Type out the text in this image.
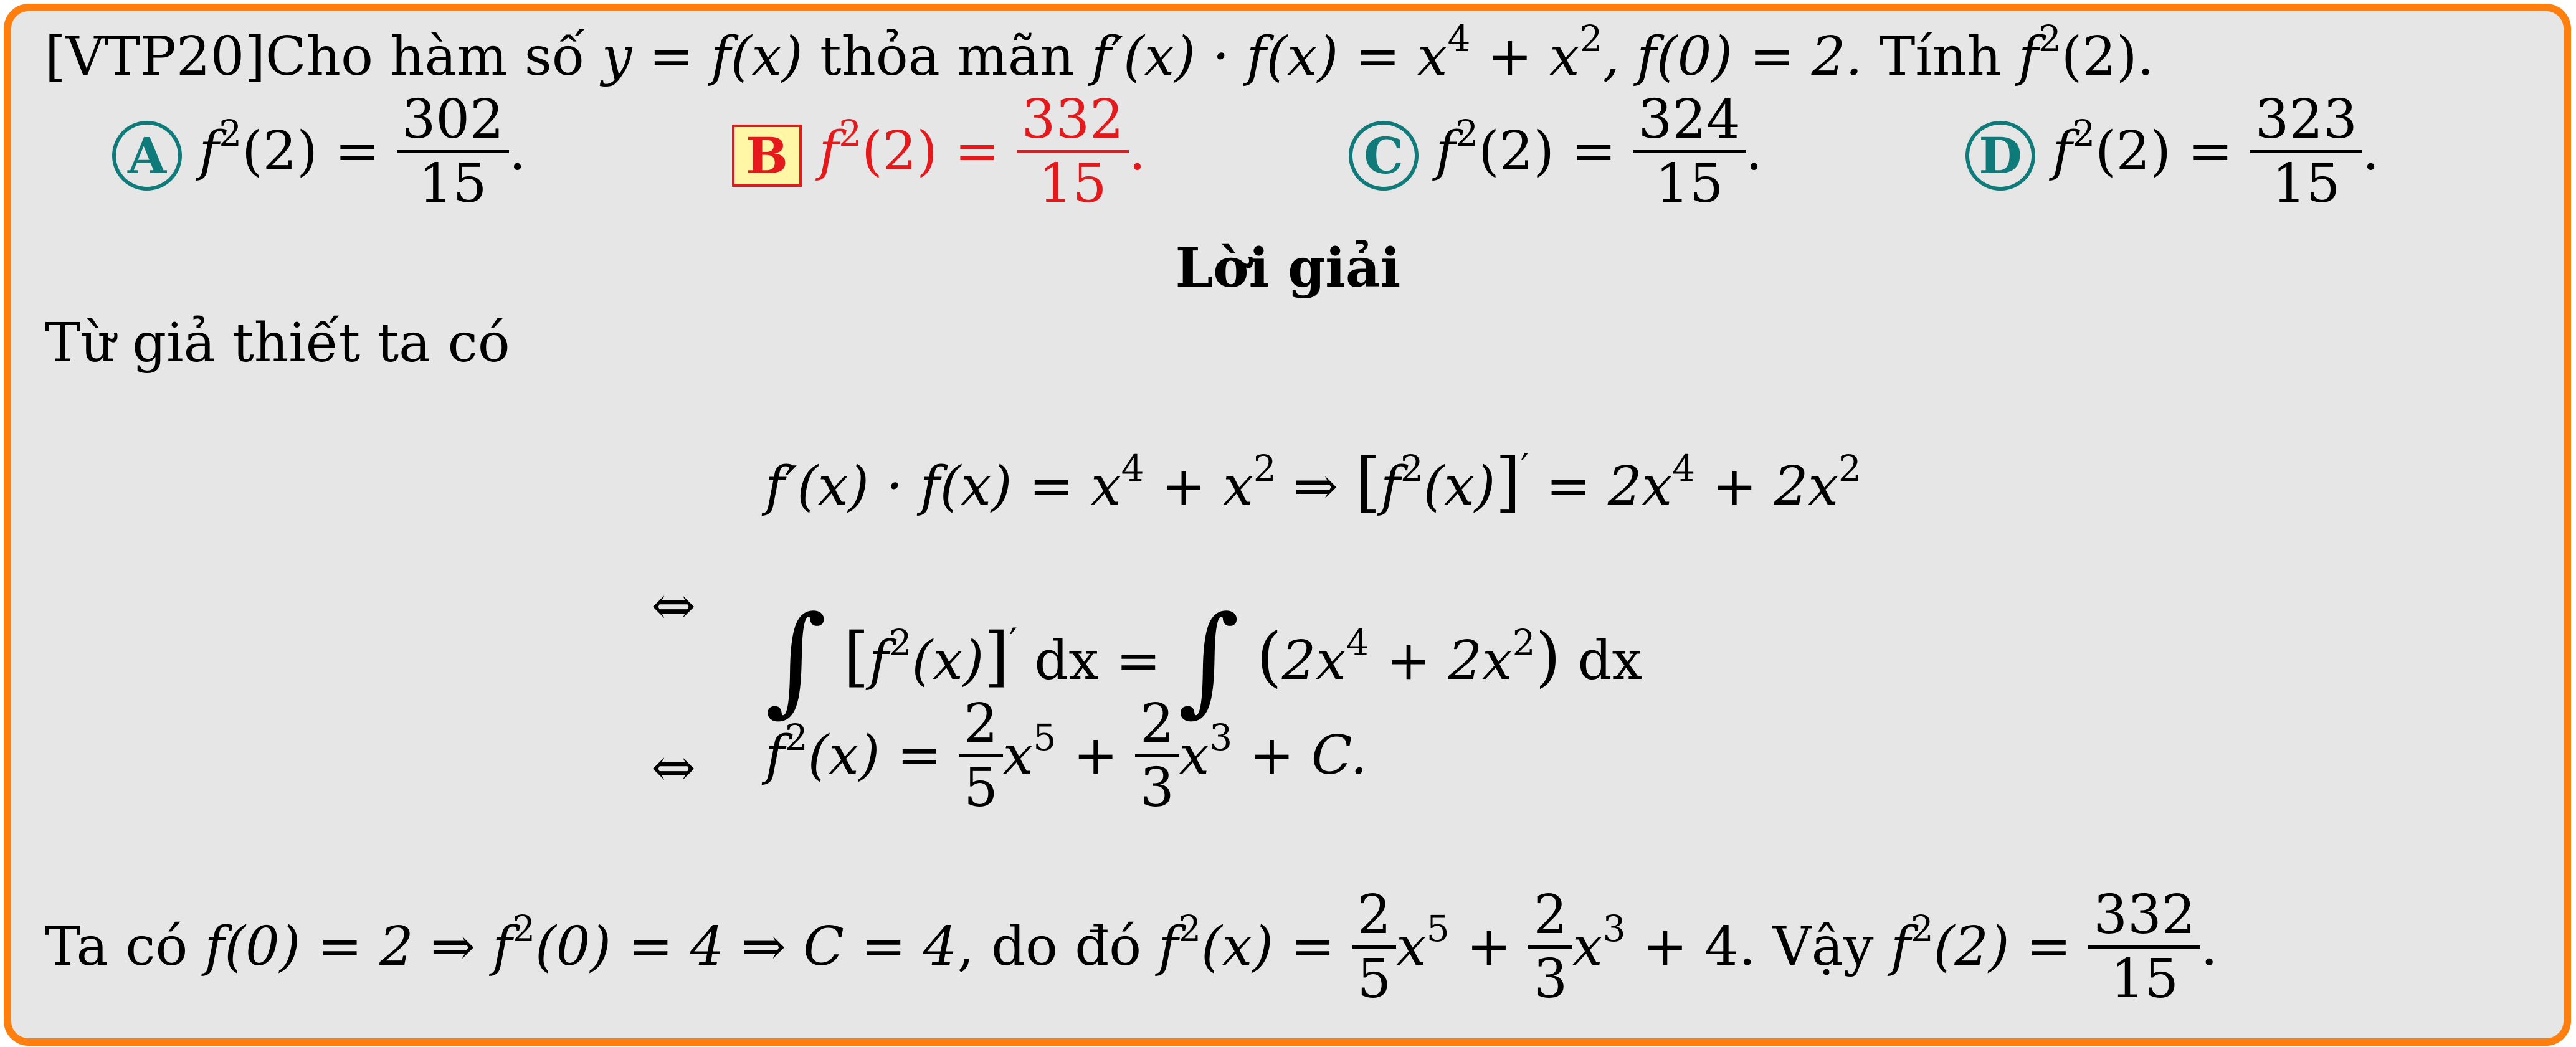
[VTP20]Cho hàm số y = f(x) thỏa mãn $f'(x) \cdot f(x) = x^4 + x^2$, f(0) = 2. Tính $f^2(2)$.
A $f^2(2) = \frac{302}{15}$ .	B $f^2(2) = \frac{332}{15}$ .	C $f^2(2) = \frac{324}{15}$ .	D $f^2(2) = \frac{323}{15}$ .
Lời giải
Từ giả thiết ta có
$f'(x) \cdot f(x) = x^4 + x^2$ ⇒ $[f^2(x)]' = 2x^4 + 2x^2$
⇔ ∫ $[f^2(x)]'$ dx = ∫ $(2x^4 + 2x^2)$ dx
⇔ $f^2(x) = \frac{2}{5} x^5 + \frac{2}{3} x^3 + C$.
Ta có f(0) = 2 ⇒ $f^2(0) = 4$ ⇒ C = 4, do đó $f^2(x) = \frac{2}{5} x^5 + \frac{2}{3} x^3 + 4$. Vậy $f^2(2) = \frac{332}{15}$ .
